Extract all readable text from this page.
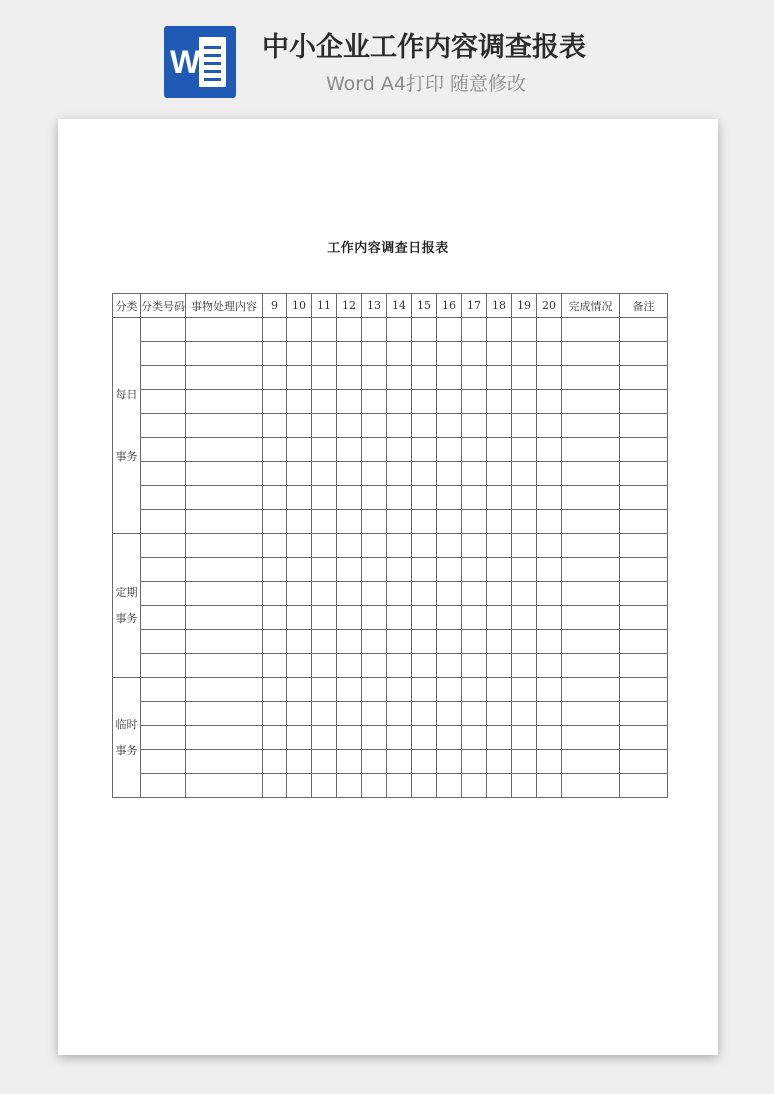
W	中小企业工作内容调查报表
Word A4打印 随意修改
工作内容调查日报表
分类	分类号码	事物处理内容	9	10	11	12	13	14	15	16	17	18	19	20	完成情况	备注

每日
事务																

定期
事务																

临时
事务																
